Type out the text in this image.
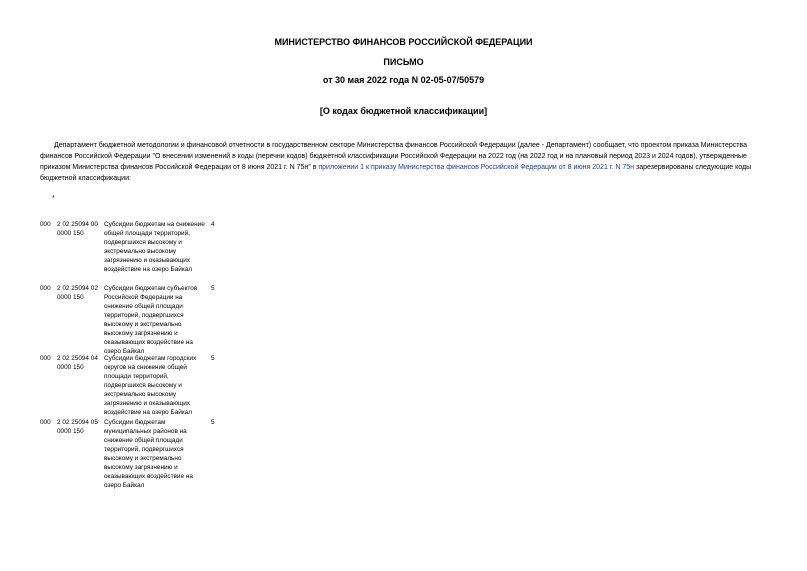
МИНИСТЕРСТВО ФИНАНСОВ РОССИЙСКОЙ ФЕДЕРАЦИИ
ПИСЬМО
от 30 мая 2022 года N 02-05-07/50579
[О кодах бюджетной классификации]

Департамент бюджетной методологии и финансовой отчетности в государственном секторе Министерства финансов Российской Федерации (далее - Департамент) сообщает, что проектом приказа Министерства финансов Российской Федерации "О внесении изменений в коды (перечни кодов) бюджетной классификации Российской Федерации на 2022 год (на 2022 год и на плановый период 2023 и 2024 годов), утвержденные приказом Министерства финансов Российской Федерации от 8 июня 2021 г. N 75н" в приложении 1 к приказу Министерства финансов Российской Федерации от 8 июня 2021 г. N 75н зарезервированы следующие коды бюджетной классификации:

*
000 2 02 25094 00 0000 150
Субсидии бюджетам на снижение общей площади территорий, подвергшихся высокому и экстремально высокому загрязнению и оказывающих воздействие на озеро Байкал
4
000 2 02 25094 02 0000 150
Субсидии бюджетам субъектов Российской Федерации на снижение общей площади территорий, подвергшихся высокому и экстремально высокому загрязнению и оказывающих воздействие на озеро Байкал
5
000 2 02 25094 04 0000 150
Субсидии бюджетам городских округов на снижение общей площади территорий, подвергшихся высокому и экстремально высокому загрязнению и оказывающих воздействие на озеро Байкал
5
000 2 02 25094 05 0000 150
Субсидии бюджетам муниципальных районов на снижение общей площади территорий, подвергшихся высокому и экстремально высокому загрязнению и оказывающих воздействие на озеро Байкал
5
